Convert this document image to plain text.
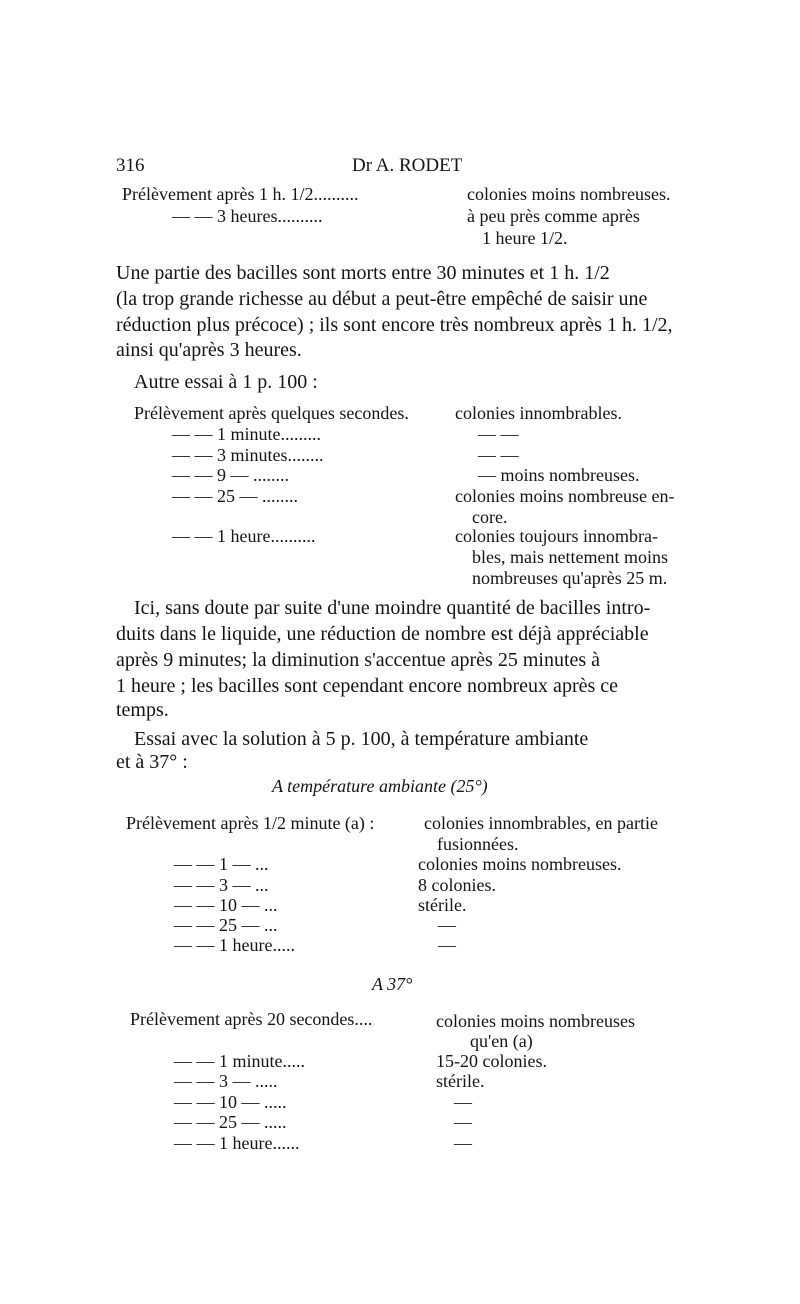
316	Dr A. RODET
Prélèvement après 1 h. 1/2..........	colonies moins nombreuses.
— — 3 heures..........	à peu près comme après
1 heure 1/2.
Une partie des bacilles sont morts entre 30 minutes et 1 h. 1/2
(la trop grande richesse au début a peut-être empêché de saisir une
réduction plus précoce) ; ils sont encore très nombreux après 1 h. 1/2,
ainsi qu'après 3 heures.
Autre essai à 1 p. 100 :
Prélèvement après quelques secondes.	colonies innombrables.
— — 1 minute.........	— —
— — 3 minutes........	— —
— — 9 — ........	— moins nombreuses.
— — 25 — ........	colonies moins nombreuse en-
core.
— — 1 heure..........	colonies toujours innombra-
bles, mais nettement moins
nombreuses qu'après 25 m.
Ici, sans doute par suite d'une moindre quantité de bacilles intro-
duits dans le liquide, une réduction de nombre est déjà appréciable
après 9 minutes; la diminution s'accentue après 25 minutes à
1 heure ; les bacilles sont cependant encore nombreux après ce
temps.
Essai avec la solution à 5 p. 100, à température ambiante
et à 37° :
A température ambiante (25°)
Prélèvement après 1/2 minute (a) :	colonies innombrables, en partie
fusionnées.
— — 1 — ...	colonies moins nombreuses.
— — 3 — ...	8 colonies.
— — 10 — ...	stérile.
— — 25 — ...	—
— — 1 heure.....	—
A 37°
Prélèvement après 20 secondes....	colonies moins nombreuses
qu'en (a)
— — 1 minute.....	15-20 colonies.
— — 3 — .....	stérile.
— — 10 — .....	—
— — 25 — .....	—
— — 1 heure......	—
